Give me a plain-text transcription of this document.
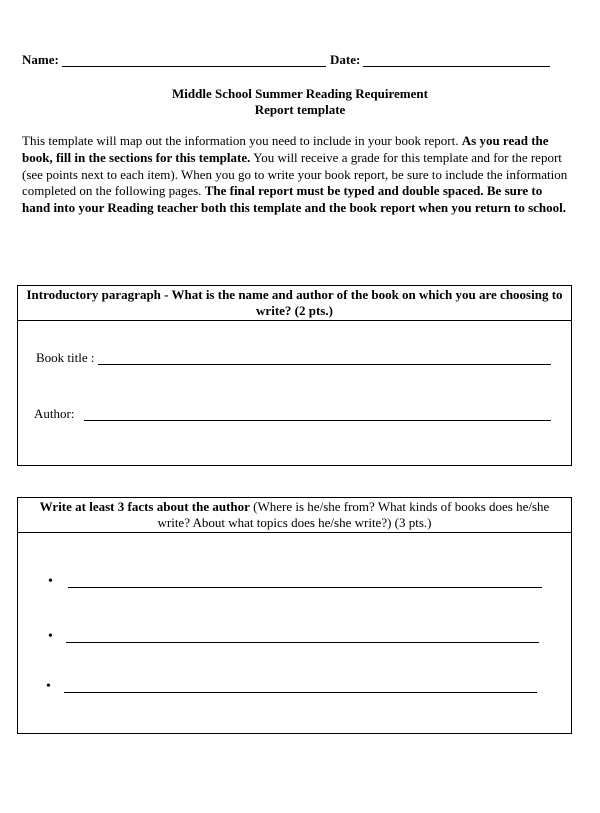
Name:	Date:
Middle School Summer Reading Requirement
Report template
This template will map out the information you need to include in your book report. As you read the book, fill in the sections for this template. You will receive a grade for this template and for the report (see points next to each item). When you go to write your book report, be sure to include the information completed on the following pages. The final report must be typed and double spaced. Be sure to hand into your Reading teacher both this template and the book report when you return to school.
Introductory paragraph - What is the name and author of the book on which you are choosing to write? (2 pts.)
Book title :
Author:
Write at least 3 facts about the author (Where is he/she from? What kinds of books does he/she write? About what topics does he/she write?) (3 pts.)
•
•
•
